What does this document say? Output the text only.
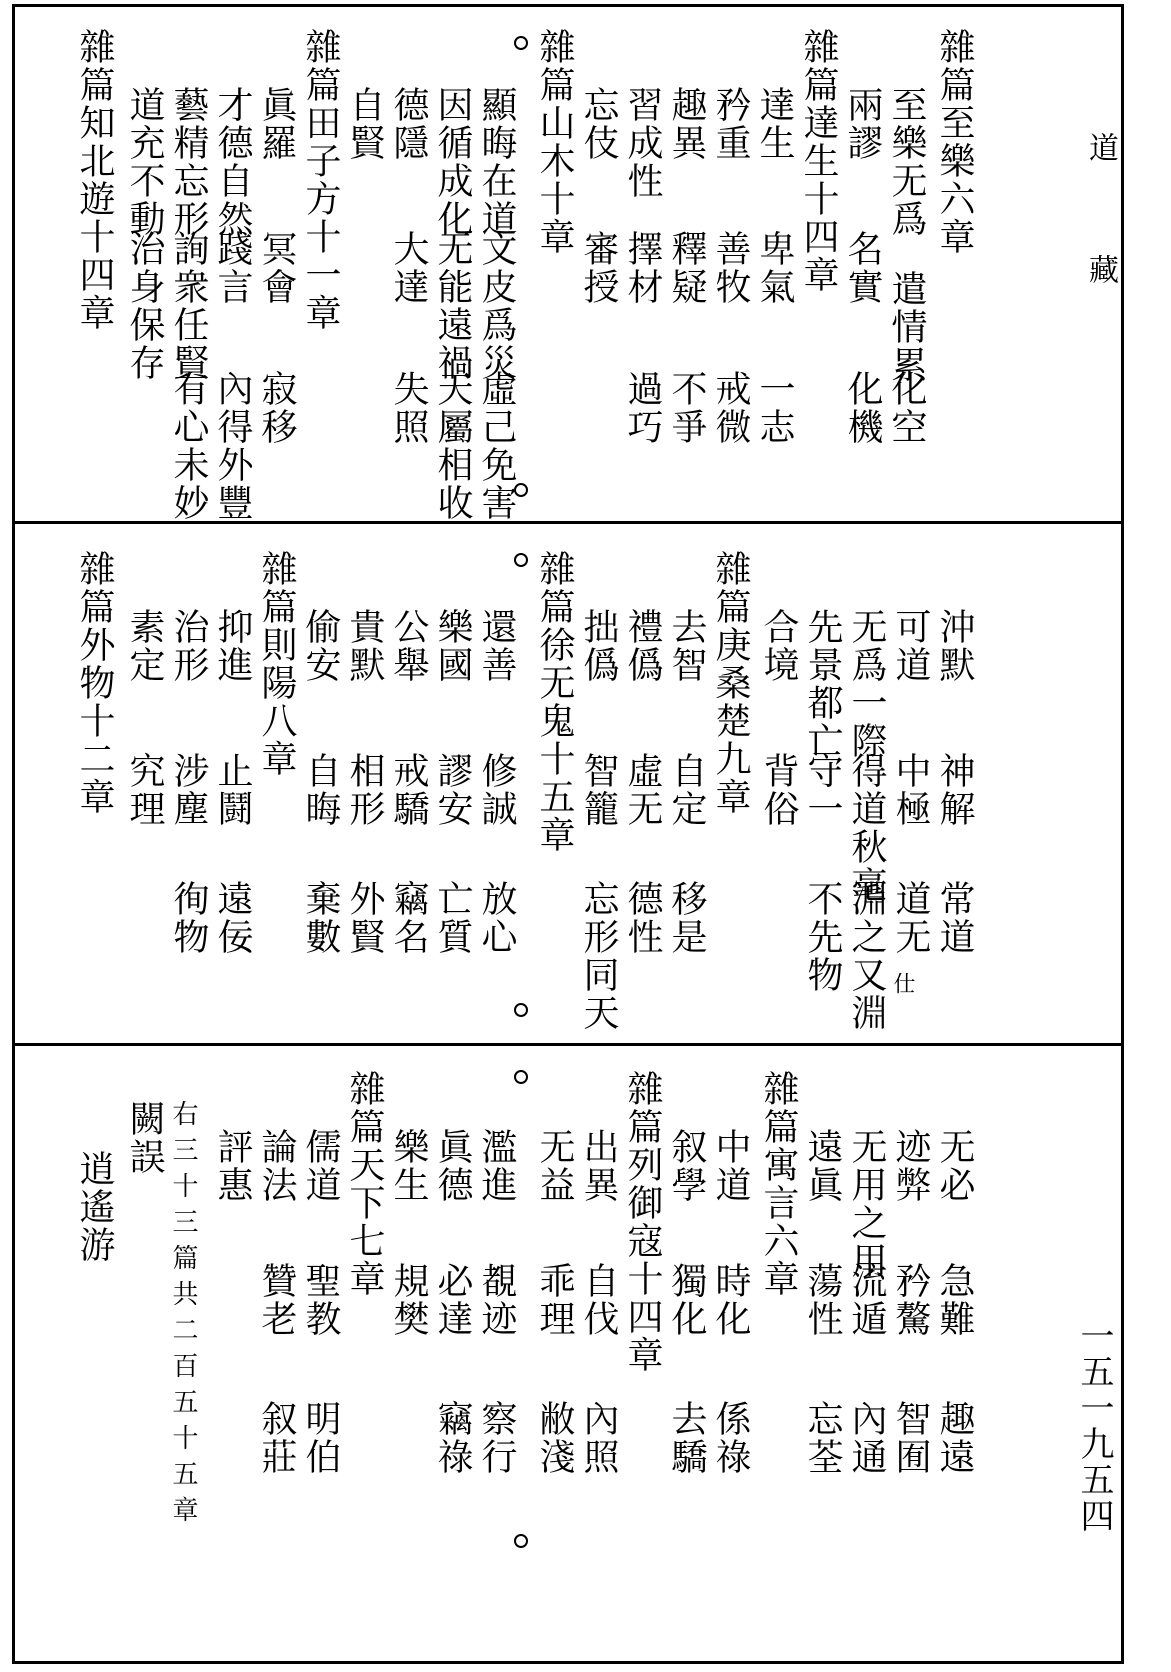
道
藏
一五一九五四
雜篇至樂六章
至樂无爲
遣情累
化空
兩謬
名實
化機
雜篇達生十四章
達生
卑氣
一志
矜重
善牧
戒微
趣異
釋疑
不爭
習成性
擇材
過巧
忘伎
審授
雜篇山木十章
顯晦在道
文皮爲災
虛己免害
因循成化
无能遠禍
天屬相收
德隱
大達
失照
自賢
雜篇田子方十一章
眞羅
冥會
寂移
才德自然
踐言
內得外豐
藝精忘形
詢衆任賢
有心未妙
道充不動
治身保存
雜篇知北遊十四章
沖默
神解
常道
可道
中極
道无
仕
无爲一際
得道秋毫
淵之又淵
先景都亡
守一
不先物
合境
背俗
雜篇庚桑楚九章
去智
自定
移是
禮僞
虛无
德性
拙僞
智籠
忘形同天
雜篇徐无鬼十五章
還善
修誠
放心
樂國
謬安
亡質
公舉
戒驕
竊名
貴默
相形
外賢
偷安
自晦
棄數
雜篇則陽八章
抑進
止鬪
遠佞
治形
涉塵
徇物
素定
究理
雜篇外物十二章
无必
急難
趣遠
迹弊
矜驁
智囿
无用之用
流遁
內通
遠眞
蕩性
忘荃
雜篇寓言六章
中道
時化
係祿
叙學
獨化
去驕
雜篇列御寇十四章
出異
自伐
內照
无益
乖理
敝淺
濫進
覩迹
察行
眞德
必達
竊祿
樂生
規樊
雜篇天下七章
儒道
聖教
明伯
論法
贊老
叙莊
評惠
右三十三篇共二百五十五章
闕誤
逍遙游
